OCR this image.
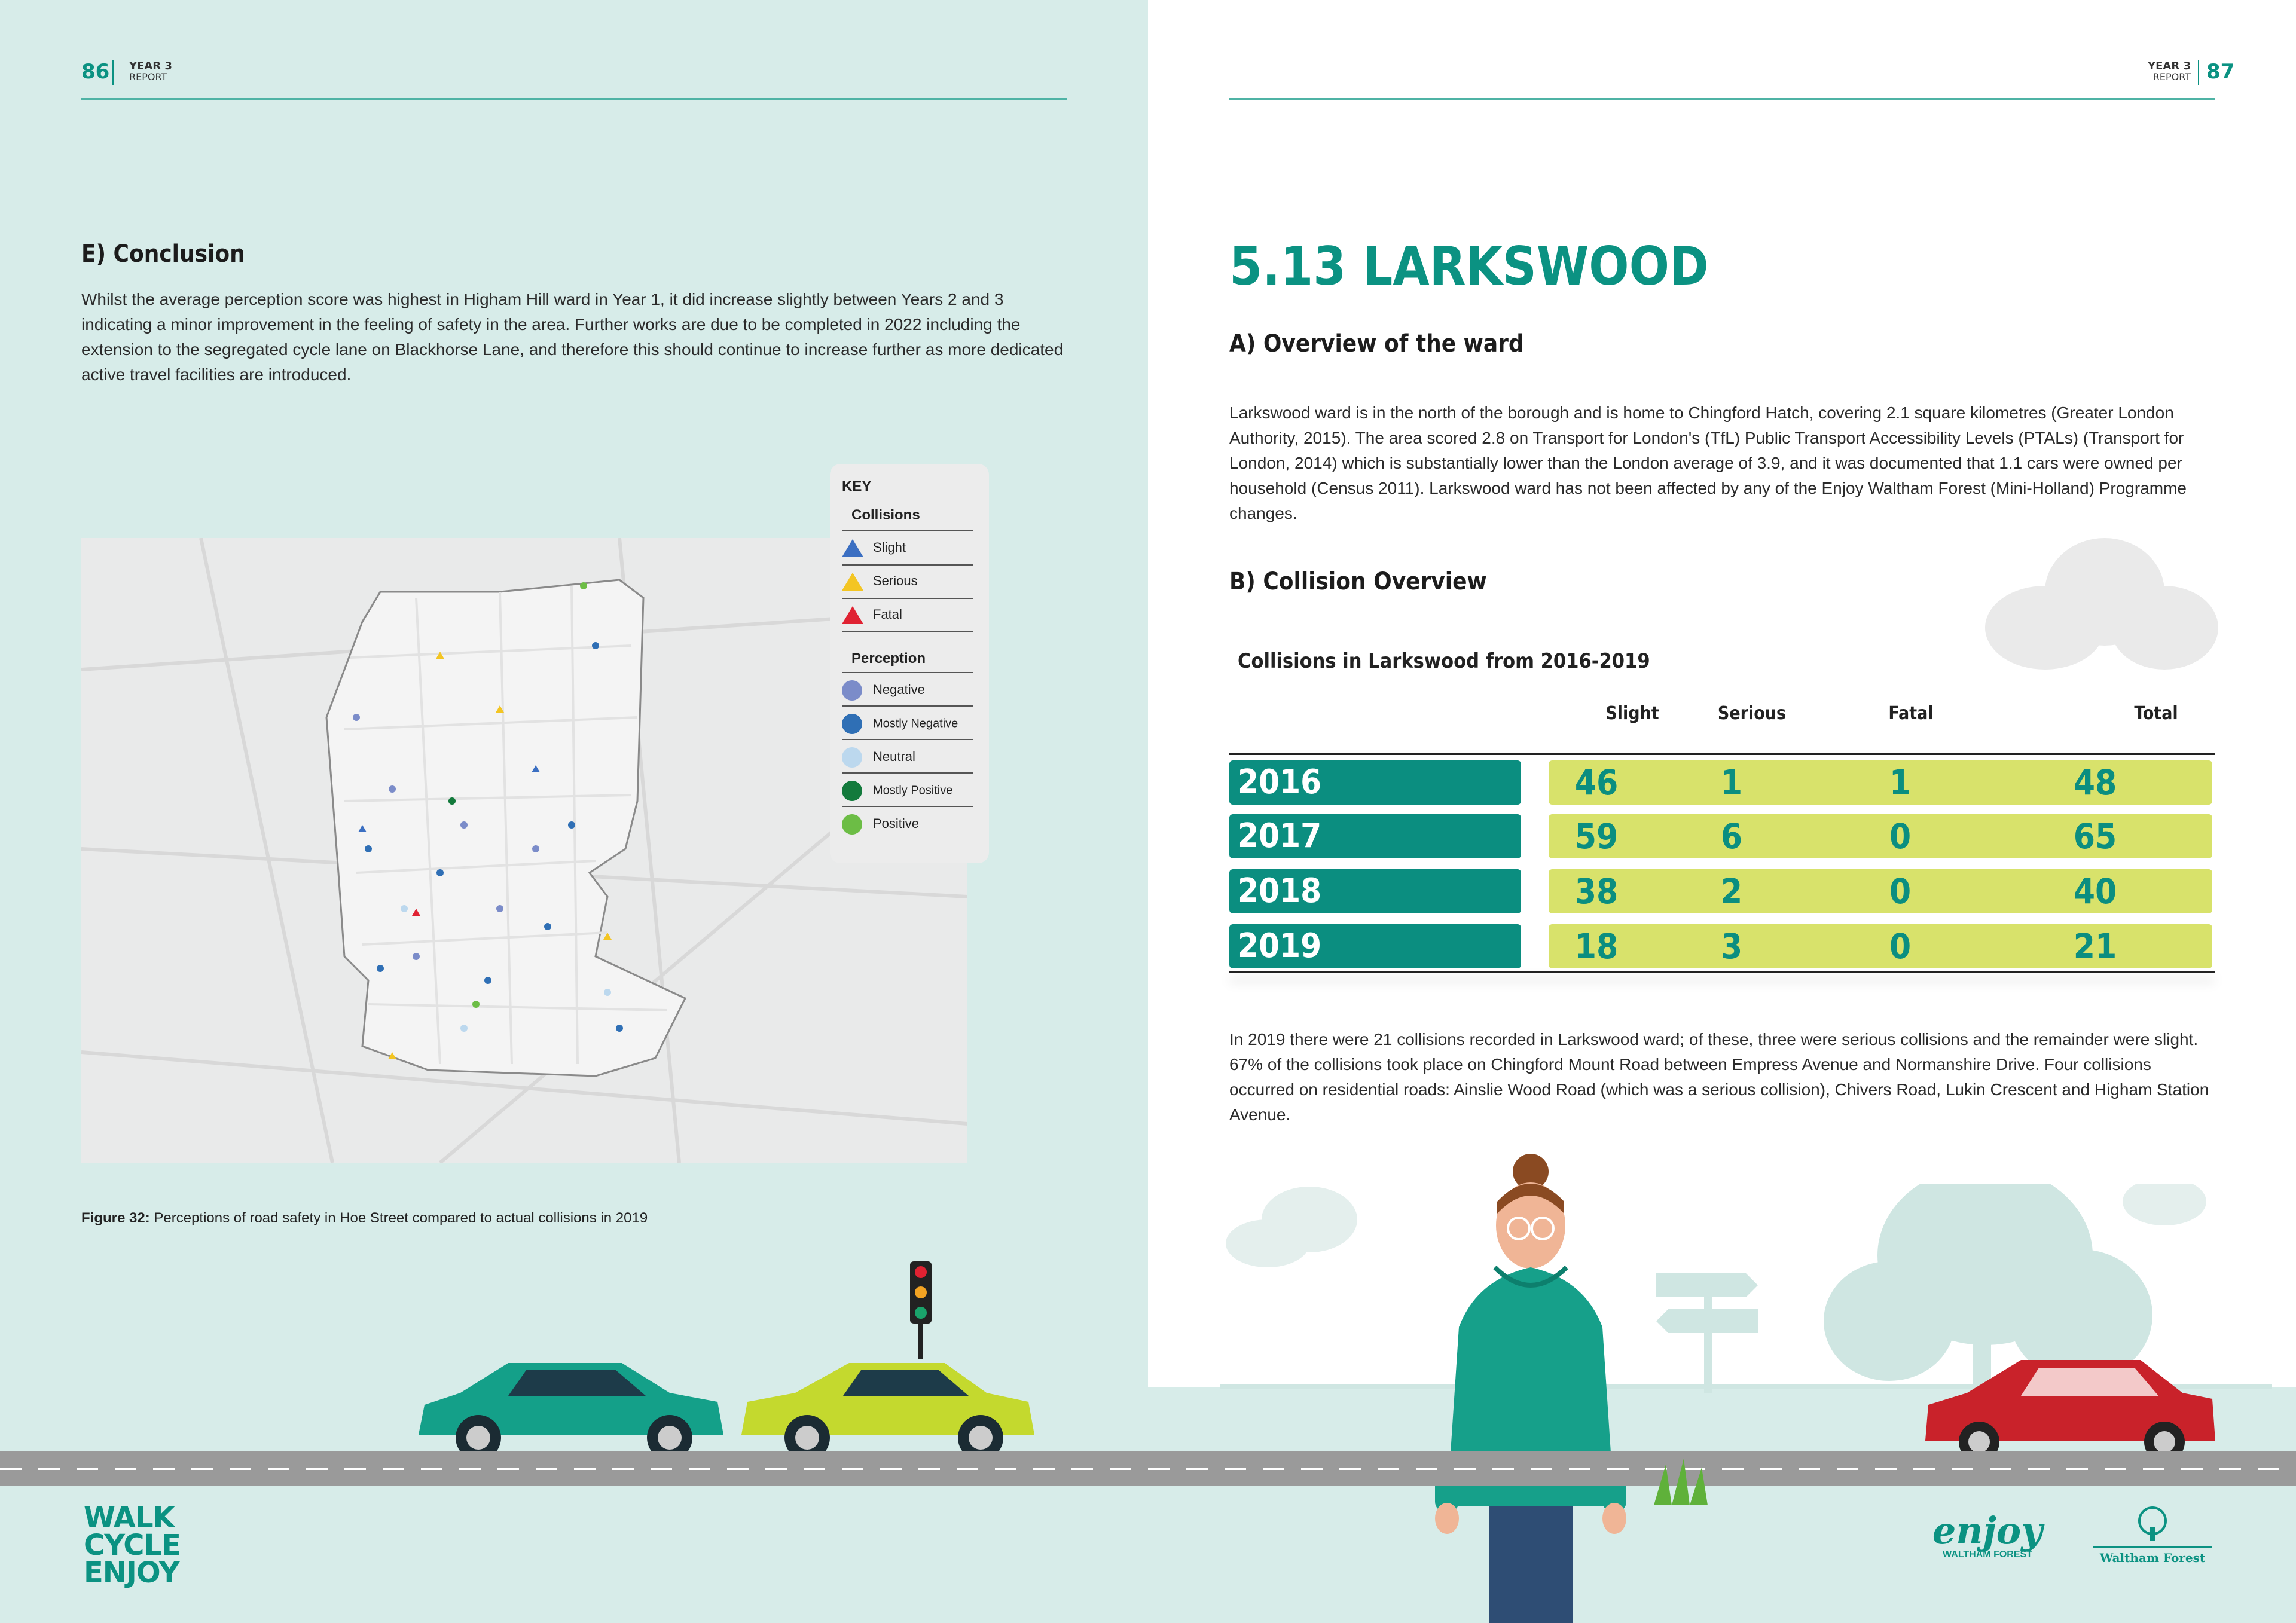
86 YEAR 3
REPORT
E) Conclusion
Whilst the average perception score was highest in Higham Hill ward in Year 1, it did increase slightly between Years 2 and 3 indicating a minor improvement in the feeling of safety in the area. Further works are due to be completed in 2022 including the extension to the segregated cycle lane on Blackhorse Lane, and therefore this should continue to increase further as more dedicated active travel facilities are introduced.
KEY
Collisions
Slight
Serious
Fatal
Perception
Negative
Mostly Negative
Neutral
Mostly Positive
Positive
Figure 32: Perceptions of road safety in Hoe Street compared to actual collisions in 2019
WALK
CYCLE
ENJOY
YEAR 3
REPORT 87
5.13 LARKSWOOD
A) Overview of the ward
Larkswood ward is in the north of the borough and is home to Chingford Hatch, covering 2.1 square kilometres (Greater London Authority, 2015). The area scored 2.8 on Transport for London's (TfL) Public Transport Accessibility Levels (PTALs) (Transport for London, 2014) which is substantially lower than the London average of 3.9, and it was documented that 1.1 cars were owned per household (Census 2011). Larkswood ward has not been affected by any of the Enjoy Waltham Forest (Mini-Holland) Programme changes.
B) Collision Overview
Collisions in Larkswood from 2016-2019
Slight	Serious	Fatal	Total
2016	46	1	1	48
2017	59	6	0	65
2018	38	2	0	40
2019	18	3	0	21
In 2019 there were 21 collisions recorded in Larkswood ward; of these, three were serious collisions and the remainder were slight. 67% of the collisions took place on Chingford Mount Road between Empress Avenue and Normanshire Drive. Four collisions occurred on residential roads: Ainslie Wood Road (which was a serious collision), Chivers Road, Lukin Crescent and Higham Station Avenue.
enjoy
WALTHAM FOREST	Waltham Forest
